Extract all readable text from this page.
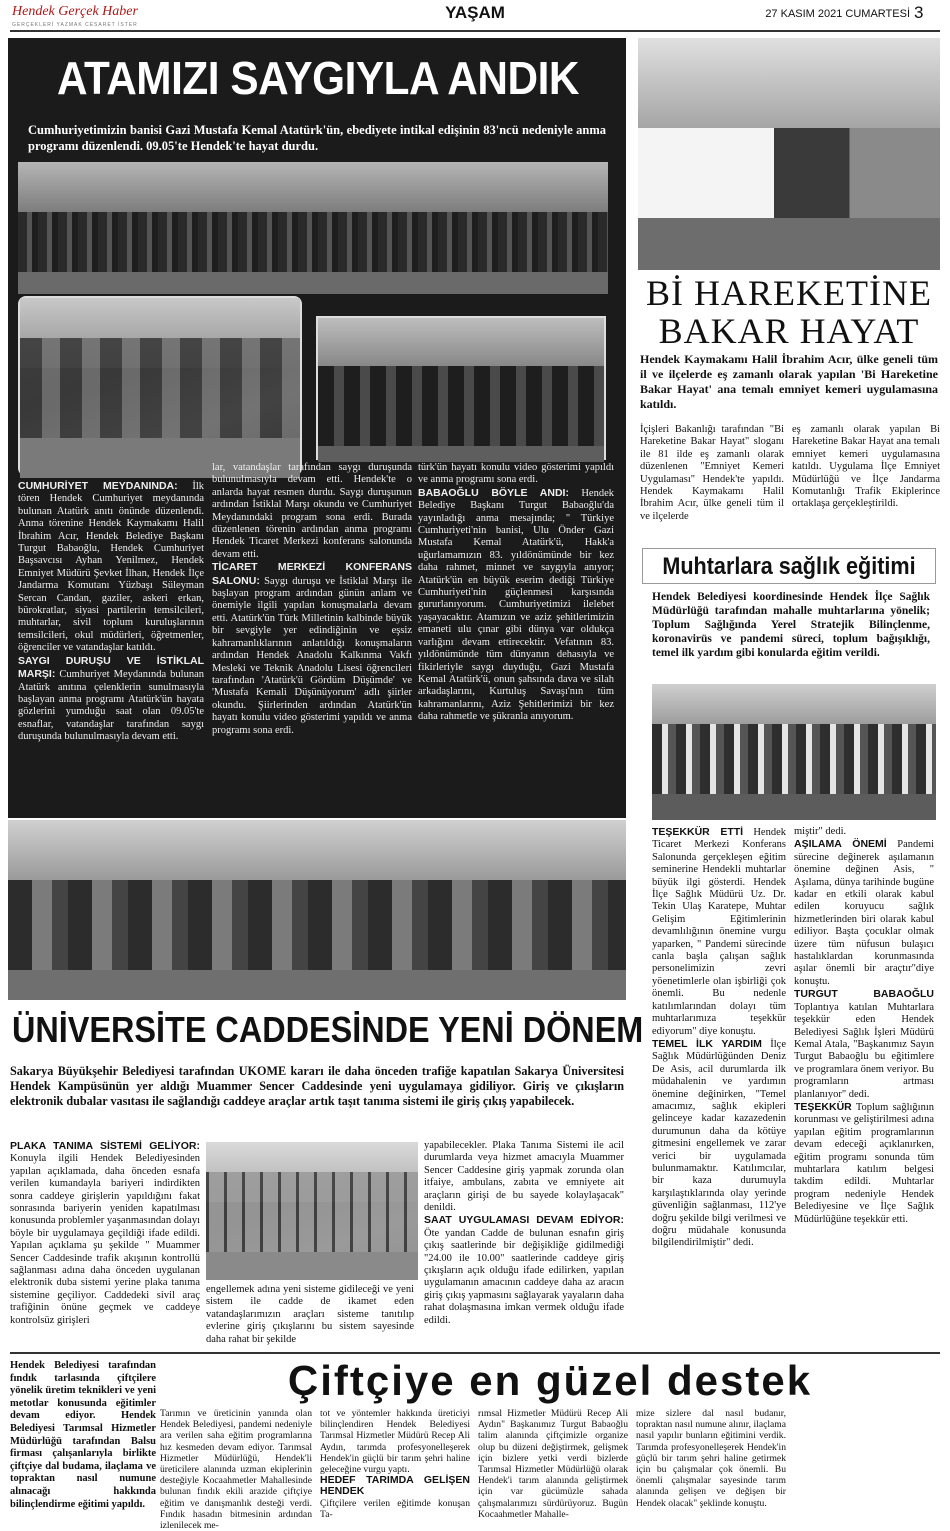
Hendek Gerçek Haber
GERÇEKLERİ YAZMAK CESARET İSTER
YAŞAM	27 KASIM 2021 CUMARTESİ 3
ATAMIZI SAYGIYLA ANDIK
Cumhuriyetimizin banisi Gazi Mustafa Kemal Atatürk'ün, ebediyete intikal edişinin 83'ncü nedeniyle anma programı düzenlendi. 09.05'te Hendek'te hayat durdu.

CUMHURİYET MEYDANINDA: İlk tören Hendek Cumhuriyet meydanında bulunan Atatürk anıtı önünde düzenlendi. Anma törenine Hendek Kaymakamı Halil İbrahim Acır, Hendek Belediye Başkanı Turgut Babaoğlu, Hendek Cumhuriyet Başsavcısı Ayhan Yenilmez, Hendek Emniyet Müdürü Şevket İlhan, Hendek İlçe Jandarma Komutanı Yüzbaşı Süleyman Sercan Candan, gaziler, askeri erkan, bürokratlar, siyasi partilerin temsilcileri, muhtarlar, sivil toplum kuruluşlarının temsilcileri, okul müdürleri, öğretmenler, öğrenciler ve vatandaşlar katıldı.

SAYGI DURUŞU VE İSTİKLAL MARŞI: Cumhuriyet Meydanında bulunan Atatürk anıtına çelenklerin sunulmasıyla başlayan anma programı Atatürk'ün hayata gözlerini yumduğu saat olan 09.05'te esnaflar, vatandaşlar tarafından saygı duruşunda bulunulmasıyla devam etti.

lar, vatandaşlar tarafından saygı duruşunda bulunulmasıyla devam etti. Hendek'te o anlarda hayat resmen durdu. Saygı duruşunun ardından İstiklal Marşı okundu ve Cumhuriyet Meydanındaki program sona erdi. Burada düzenlenen törenin ardından anma programı Hendek Ticaret Merkezi konferans salonunda devam etti.

TİCARET MERKEZİ KONFERANS SALONU: Saygı duruşu ve İstiklal Marşı ile başlayan program ardından günün anlam ve önemiyle ilgili yapılan konuşmalarla devam etti. Atatürk'ün Türk Milletinin kalbinde büyük bir sevgiyle yer edindiğinin ve eşsiz kahramanlıklarının anlatıldığı konuşmaların ardından Hendek Anadolu Kalkınma Vakfı Mesleki ve Teknik Anadolu Lisesi öğrencileri tarafından 'Atatürk'ü Gördüm Düşümde' ve 'Mustafa Kemali Düşünüyorum' adlı şiirler okundu. Şiirlerinden ardından Atatürk'ün hayatı konulu video gösterimi yapıldı ve anma programı sona erdi.

türk'ün hayatı konulu video gösterimi yapıldı ve anma programı sona erdi.

BABAOĞLU BÖYLE ANDI: Hendek Belediye Başkanı Turgut Babaoğlu'da yayınladığı anma mesajında; " Türkiye Cumhuriyeti'nin banisi, Ulu Önder Gazi Mustafa Kemal Atatürk'ü, Hakk'a uğurlamamızın 83. yıldönümünde bir kez daha rahmet, minnet ve saygıyla anıyor; Atatürk'ün en büyük eserim dediği Türkiye Cumhuriyeti'nin güçlenmesi karşısında gururlanıyorum. Cumhuriyetimizi ilelebet yaşayacaktır. Atamızın ve aziz şehitlerimizin emaneti ulu çınar gibi dünya var oldukça varlığını devam ettirecektir. Vefatının 83. yıldönümünde tüm dünyanın dehasıyla ve fikirleriyle saygı duyduğu, Gazi Mustafa Kemal Atatürk'ü, onun şahsında dava ve silah arkadaşlarını, Kurtuluş Savaşı'nın tüm kahramanlarını, Aziz Şehitlerimizi bir kez daha rahmetle ve şükranla anıyorum.

Bİ HAREKETİNE BAKAR HAYAT
Hendek Kaymakamı Halil İbrahim Acır, ülke geneli tüm il ve ilçelerde eş zamanlı olarak yapılan 'Bi Hareketine Bakar Hayat' ana temalı emniyet kemeri uygulamasına katıldı.
İçişleri Bakanlığı tarafından "Bi Hareketine Bakar Hayat" sloganı ile 81 ilde eş zamanlı olarak düzenlenen "Emniyet Kemeri Uygulaması" Hendek'te yapıldı. Hendek Kaymakamı Halil İbrahim Acır, ülke geneli tüm il ve ilçelerde
eş zamanlı olarak yapılan Bi Hareketine Bakar Hayat ana temalı emniyet kemeri uygulamasına katıldı. Uygulama İlçe Emniyet Müdürlüğü ve İlçe Jandarma Komutanlığı Trafik Ekiplerince ortaklaşa gerçekleştirildi.
Muhtarlara sağlık eğitimi
Hendek Belediyesi koordinesinde Hendek İlçe Sağlık Müdürlüğü tarafından mahalle muhtarlarına yönelik; Toplum Sağlığında Yerel Stratejik Bilinçlenme, koronavirüs ve pandemi süreci, toplum bağışıklığı, temel ilk yardım gibi konularda eğitim verildi.

TEŞEKKÜR ETTİ Hendek Ticaret Merkezi Konferans Salonunda gerçekleşen eğitim seminerine Hendekli muhtarlar büyük ilgi gösterdi. Hendek İlçe Sağlık Müdürü Uz. Dr. Tekin Ulaş Karatepe, Muhtar Gelişim Eğitimlerinin devamlılığının önemine vurgu yaparken, " Pandemi sürecinde canla başla çalışan sağlık personelimizin zevri yöenetimlerle olan işbirliği çok önemli. Bu nedenle katılımlarından dolayı tüm muhtarlarımıza teşekkür ediyorum" diye konuştu.

TEMEL İLK YARDIM İlçe Sağlık Müdürlüğünden Deniz De Asis, acil durumlarda ilk müdahalenin ve yardımın önemine değinirken, "Temel amacımız, sağlık ekipleri gelinceye kadar kazazedenin durumunun daha da kötüye gitmesini engellemek ve zarar verici bir uygulamada bulunmamaktır. Katılımcılar, bir kaza durumuyla karşılaştıklarında olay yerinde güvenliğin sağlanması, 112'ye doğru şekilde bilgi verilmesi ve doğru müdahale konusunda bilgilendirilmiştir" dedi.

miştir" dedi.

AŞILAMA ÖNEMİ Pandemi sürecine değinerek aşılamanın önemine değinen Asis, " Aşılama, dünya tarihinde bugüne kadar en etkili olarak kabul edilen koruyucu sağlık hizmetlerinden biri olarak kabul ediliyor. Başta çocuklar olmak üzere tüm nüfusun bulaşıcı hastalıklardan korunmasında aşılar önemli bir araçtır"diye konuştu.

TURGUT BABAOĞLU Toplantıya katılan Muhtarlara teşekkür eden Hendek Belediyesi Sağlık İşleri Müdürü Kemal Atala, "Başkanımız Sayın Turgut Babaoğlu bu eğitimlere ve programlara önem veriyor. Bu programların artması planlanıyor" dedi.

TEŞEKKÜR Toplum sağlığının korunması ve geliştirilmesi adına yapılan eğitim programlarının devam edeceği açıklanırken, eğitim programı sonunda tüm muhtarlara katılım belgesi takdim edildi. Muhtarlar program nedeniyle Hendek Belediyesine ve İlçe Sağlık Müdürlüğüne teşekkür etti.

ÜNİVERSİTE CADDESİNDE YENİ DÖNEM
Sakarya Büyükşehir Belediyesi tarafından UKOME kararı ile daha önceden trafiğe kapatılan Sakarya Üniversitesi Hendek Kampüsünün yer aldığı Muammer Sencer Caddesinde yeni uygulamaya gidiliyor. Giriş ve çıkışların elektronik dubalar vasıtası ile sağlandığı caddeye araçlar artık taşıt tanıma sistemi ile giriş çıkış yapabilecek.

PLAKA TANIMA SİSTEMİ GELİYOR: Konuyla ilgili Hendek Belediyesinden yapılan açıklamada, daha önceden esnafa verilen kumandayla bariyeri indirdikten sonra caddeye girişlerin yapıldığını fakat sonrasında bariyerin yeniden kapatılması konusunda problemler yaşanmasından dolayı böyle bir uygulamaya geçildiği ifade edildi. Yapılan açıklama şu şekilde " Muammer Sencer Caddesinde trafik akışının kontrollü sağlanması adına daha önceden uygulanan elektronik duba sistemi yerine plaka tanıma sistemine geçiliyor. Caddedeki sivil araç trafiğinin önüne geçmek ve caddeye kontrolsüz girişleri

engellemek adına yeni sisteme gidileceği ve yeni sistem ile cadde de ikamet eden vatandaşlarımızın araçları sisteme tanıtılıp evlerine giriş çıkışlarını bu sistem sayesinde daha rahat bir şekilde

yapabilecekler. Plaka Tanıma Sistemi ile acil durumlarda veya hizmet amacıyla Muammer Sencer Caddesine giriş yapmak zorunda olan itfaiye, ambulans, zabıta ve emniyete ait araçların girişi de bu sayede kolaylaşacak" denildi.

SAAT UYGULAMASI DEVAM EDİYOR: Öte yandan Cadde de bulunan esnafın giriş çıkış saatlerinde bir değişikliğe gidilmediği "24.00 ile 10.00" saatlerinde caddeye giriş çıkışların açık olduğu ifade edilirken, yapılan uygulamanın amacının caddeye daha az aracın giriş çıkış yapmasını sağlayarak yayaların daha rahat dolaşmasına imkan vermek olduğu ifade edildi.

Hendek Belediyesi tarafından fındık tarlasında çiftçilere yönelik üretim teknikleri ve yeni metotlar konusunda eğitimler devam ediyor. Hendek Belediyesi Tarımsal Hizmetler Müdürlüğü tarafından Balsu firması çalışanlarıyla birlikte çiftçiye dal budama, ilaçlama ve topraktan nasıl numune alınacağı hakkında bilinçlendirme eğitimi yapıldı.
Çiftçiye en güzel destek
Tarımın ve üreticinin yanında olan Hendek Belediyesi, pandemi nedeniyle ara verilen saha eğitim programlarına hız kesmeden devam ediyor. Tarımsal Hizmetler Müdürlüğü, Hendek'li üreticilere alanında uzman ekiplerinin desteğiyle Kocaahmetler Mahallesinde bulunan fındık ekili arazide çiftçiye eğitim ve danışmanlık desteği verdi. Fındık hasadın bitmesinin ardından izlenilecek me-

tot ve yöntemler hakkında üreticiyi bilinçlendiren Hendek Belediyesi Tarımsal Hizmetler Müdürü Recep Ali Aydın, tarımda profesyonelleşerek Hendek'in güçlü bir tarım şehri haline geleceğine vurgu yaptı.

HEDEF TARIMDA GELİŞEN HENDEK

Çiftçilere verilen eğitimde konuşan Ta-

rımsal Hizmetler Müdürü Recep Ali Aydın" Başkanımız Turgut Babaoğlu talim alanında çiftçimizle organize olup bu düzeni değiştirmek, gelişmek için bizlere yetki verdi bizlerde Tarımsal Hizmetler Müdürlüğü olarak Hendek'i tarım alanında geliştirmek için var gücümüzle sahada çalışmalarımızı sürdürüyoruz. Bugün Kocaahmetler Mahalle-
mize sizlere dal nasıl budanır, topraktan nasıl numune alınır, ilaçlama nasıl yapılır bunların eğitimini verdik. Tarımda profesyonelleşerek Hendek'in güçlü bir tarım şehri haline getirmek için bu çalışmalar çok önemli. Bu önemli çalışmalar sayesinde tarım alanında gelişen ve değişen bir Hendek olacak" şeklinde konuştu.
